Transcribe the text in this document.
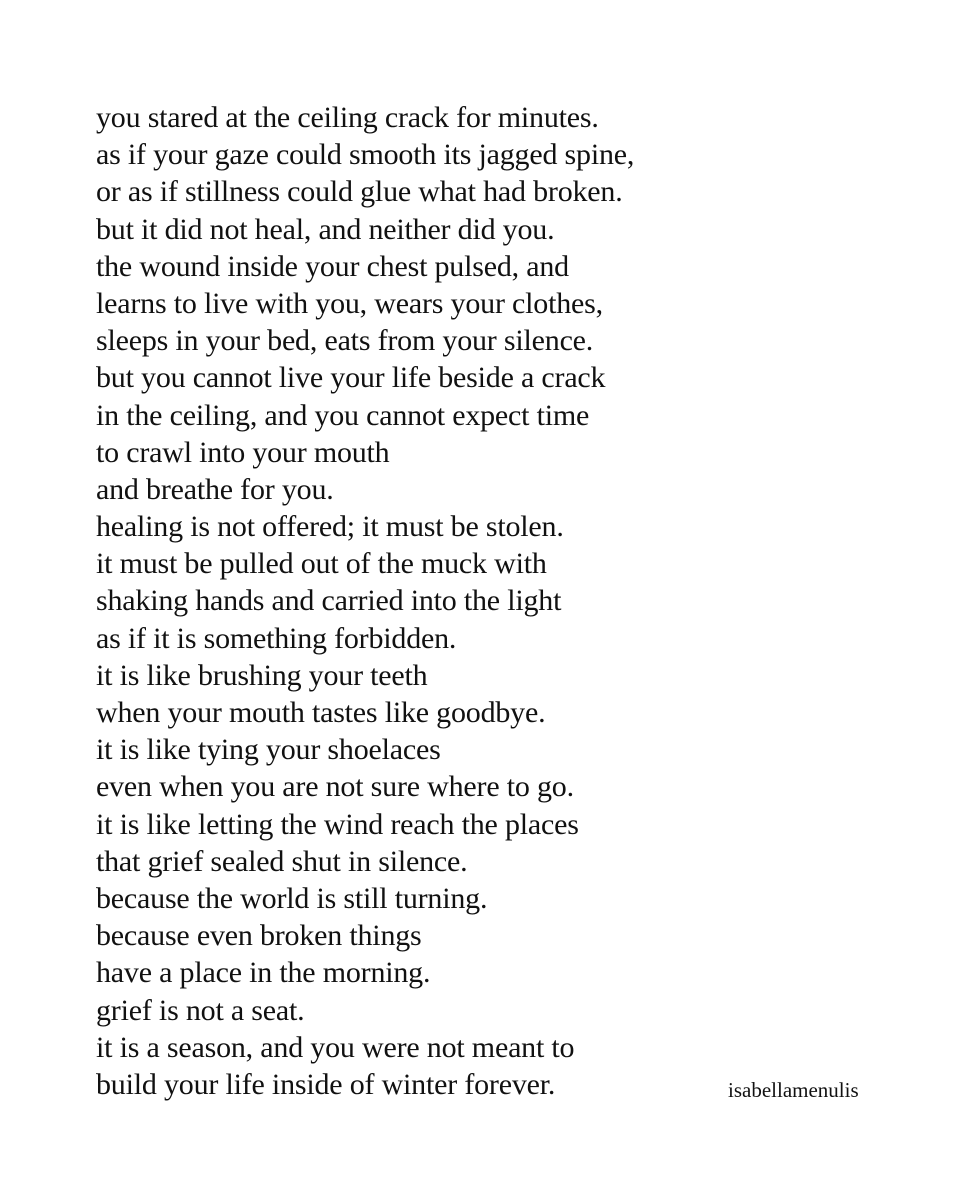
you stared at the ceiling crack for minutes.
as if your gaze could smooth its jagged spine,
or as if stillness could glue what had broken.
but it did not heal, and neither did you.
the wound inside your chest pulsed, and
learns to live with you, wears your clothes,
sleeps in your bed, eats from your silence.
but you cannot live your life beside a crack
in the ceiling, and you cannot expect time
to crawl into your mouth
and breathe for you.
healing is not offered; it must be stolen.
it must be pulled out of the muck with
shaking hands and carried into the light
as if it is something forbidden.
it is like brushing your teeth
when your mouth tastes like goodbye.
it is like tying your shoelaces
even when you are not sure where to go.
it is like letting the wind reach the places
that grief sealed shut in silence.
because the world is still turning.
because even broken things
have a place in the morning.
grief is not a seat.
it is a season, and you were not meant to
build your life inside of winter forever.	isabellamenulis
